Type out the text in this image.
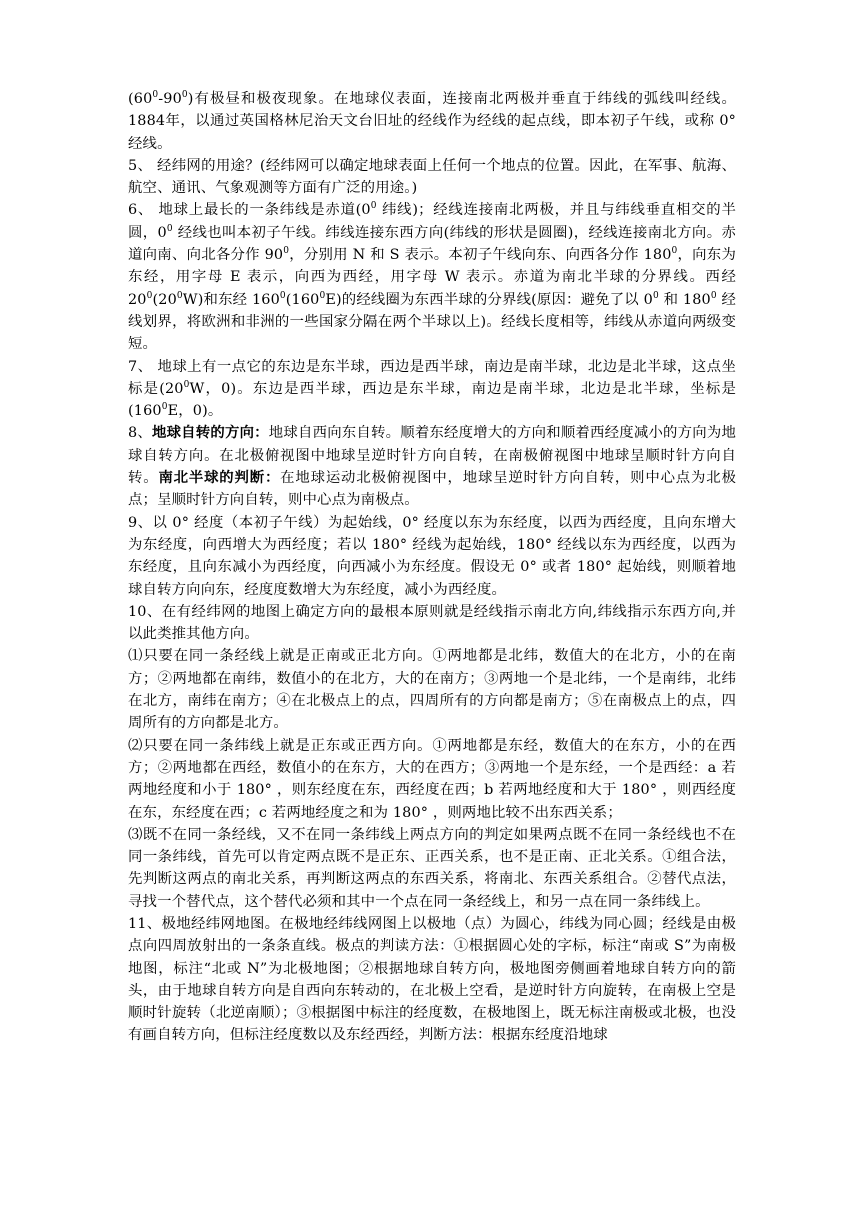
$(60^0-90^0)$有极昼和极夜现象。在地球仪表面，连接南北两极并垂直于纬线的弧线叫经线。1884年，以通过英国格林尼治天文台旧址的经线作为经线的起点线，即本初子午线，或称 0° 经线。

5、 经纬网的用途？(经纬网可以确定地球表面上任何一个地点的位置。因此，在军事、航海、航空、通讯、气象观测等方面有广泛的用途。)

6、 地球上最长的一条纬线是赤道($0^0$ 纬线)；经线连接南北两极，并且与纬线垂直相交的半圆，$0^0$ 经线也叫本初子午线。纬线连接东西方向(纬线的形状是圆圈)，经线连接南北方向。赤道向南、向北各分作 $90^0$，分别用 N 和 S 表示。本初子午线向东、向西各分作 $180^0$，向东为东经，用字母 E 表示，向西为西经，用字母 W 表示。赤道为南北半球的分界线。西经 $20^0(20^0W)$和东经 $160^0(160^0E)$的经线圈为东西半球的分界线(原因：避免了以 $0^0$ 和 $180^0$ 经线划界，将欧洲和非洲的一些国家分隔在两个半球以上)。经线长度相等，纬线从赤道向两级变短。

7、 地球上有一点它的东边是东半球，西边是西半球，南边是南半球，北边是北半球，这点坐标是($20^0W$，0)。东边是西半球，西边是东半球，南边是南半球，北边是北半球，坐标是($160^0E$，0)。

8、地球自转的方向：地球自西向东自转。顺着东经度增大的方向和顺着西经度减小的方向为地球自转方向。在北极俯视图中地球呈逆时针方向自转，在南极俯视图中地球呈顺时针方向自转。南北半球的判断：在地球运动北极俯视图中，地球呈逆时针方向自转，则中心点为北极点；呈顺时针方向自转，则中心点为南极点。

9、以 0° 经度（本初子午线）为起始线，0° 经度以东为东经度，以西为西经度，且向东增大为东经度，向西增大为西经度；若以 180° 经线为起始线，180° 经线以东为西经度，以西为东经度，且向东减小为西经度，向西减小为东经度。假设无 0° 或者 180° 起始线，则顺着地球自转方向向东，经度度数增大为东经度，减小为西经度。

10、在有经纬网的地图上确定方向的最根本原则就是经线指示南北方向,纬线指示东西方向,并以此类推其他方向。

⑴只要在同一条经线上就是正南或正北方向。①两地都是北纬，数值大的在北方，小的在南方；②两地都在南纬，数值小的在北方，大的在南方；③两地一个是北纬，一个是南纬，北纬在北方，南纬在南方；④在北极点上的点，四周所有的方向都是南方；⑤在南极点上的点，四周所有的方向都是北方。

⑵只要在同一条纬线上就是正东或正西方向。①两地都是东经，数值大的在东方，小的在西方；②两地都在西经，数值小的在东方，大的在西方；③两地一个是东经，一个是西经：a 若两地经度和小于 180° ，则东经度在东，西经度在西；b 若两地经度和大于 180° ，则西经度在东，东经度在西；c 若两地经度之和为 180° ，则两地比较不出东西关系；

⑶既不在同一条经线，又不在同一条纬线上两点方向的判定如果两点既不在同一条经线也不在同一条纬线，首先可以肯定两点既不是正东、正西关系，也不是正南、正北关系。①组合法，先判断这两点的南北关系，再判断这两点的东西关系，将南北、东西关系组合。②替代点法，寻找一个替代点，这个替代必须和其中一个点在同一条经线上，和另一点在同一条纬线上。

11、极地经纬网地图。在极地经纬线网图上以极地（点）为圆心，纬线为同心圆；经线是由极点向四周放射出的一条条直线。极点的判读方法：①根据圆心处的字标，标注“南或 S”为南极地图，标注“北或 N”为北极地图；②根据地球自转方向，极地图旁侧画着地球自转方向的箭头，由于地球自转方向是自西向东转动的，在北极上空看，是逆时针方向旋转，在南极上空是顺时针旋转（北逆南顺）；③根据图中标注的经度数，在极地图上，既无标注南极或北极，也没有画自转方向，但标注经度数以及东经西经，判断方法：根据东经度沿地球
